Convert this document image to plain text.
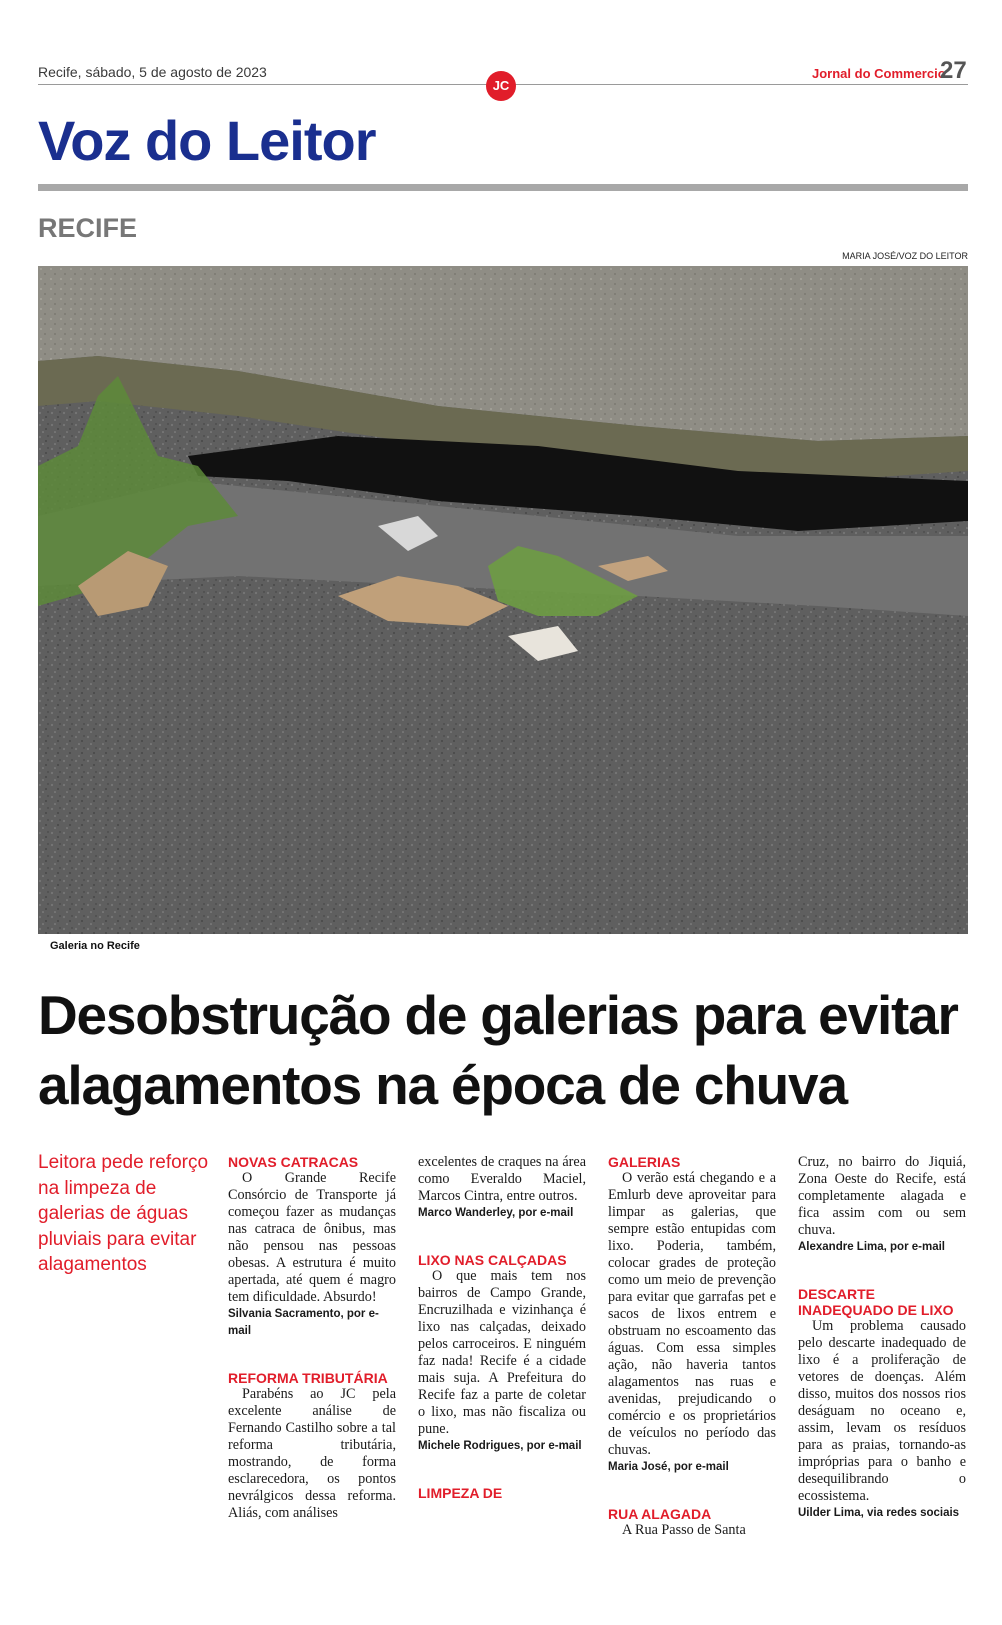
Recife, sábado, 5 de agosto de 2023
JC
Jornal do Commercio
27
Voz do Leitor
RECIFE
MARIA JOSÉ/VOZ DO LEITOR
Galeria no Recife
Desobstrução de galerias para evitar
alagamentos na época de chuva
Leitora pede reforço na limpeza de galerias de águas pluviais para evitar alagamentos
NOVAS CATRACAS

O Grande Recife Consórcio de Transporte já começou fazer as mudanças nas catraca de ônibus, mas não pensou nas pessoas obesas. A estrutura é muito apertada, até quem é magro tem dificuldade. Absurdo!

Silvania Sacramento, por e-mail

REFORMA TRIBUTÁRIA

Parabéns ao JC pela excelente análise de Fernando Castilho sobre a tal reforma tributária, mostrando, de forma esclarecedora, os pontos nevrálgicos dessa reforma. Aliás, com análises

excelentes de craques na área como Everaldo Maciel, Marcos Cintra, entre outros.

Marco Wanderley, por e-mail

LIXO NAS CALÇADAS

O que mais tem nos bairros de Campo Grande, Encruzilhada e vizinhança é lixo nas calçadas, deixado pelos carroceiros. E ninguém faz nada! Recife é a cidade mais suja. A Prefeitura do Recife faz a parte de coletar o lixo, mas não fiscaliza ou pune.

Michele Rodrigues, por e-mail

LIMPEZA DE
GALERIAS

O verão está chegando e a Emlurb deve aproveitar para limpar as galerias, que sempre estão entupidas com lixo. Poderia, também, colocar grades de proteção como um meio de prevenção para evitar que garrafas pet e sacos de lixos entrem e obstruam no escoamento das águas. Com essa simples ação, não haveria tantos alagamentos nas ruas e avenidas, prejudicando o comércio e os proprietários de veículos no período das chuvas.

Maria José, por e-mail

RUA ALAGADA

A Rua Passo de Santa

Cruz, no bairro do Jiquiá, Zona Oeste do Recife, está completamente alagada e fica assim com ou sem chuva.

Alexandre Lima, por e-mail

DESCARTE INADEQUADO DE LIXO

Um problema causado pelo descarte inadequado de lixo é a proliferação de vetores de doenças. Além disso, muitos dos nossos rios deságuam no oceano e, assim, levam os resíduos para as praias, tornando-as impróprias para o banho e desequilibrando o ecossistema.

Uilder Lima, via redes sociais
